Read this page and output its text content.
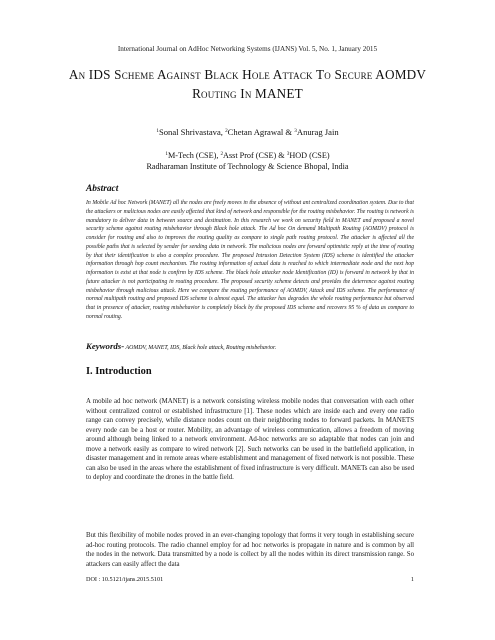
International Journal on AdHoc Networking Systems (IJANS) Vol. 5, No. 1, January 2015
An IDS Scheme Against Black Hole Attack To Secure AOMDV Routing In MANET
$^1$Sonal Shrivastava, $^2$Chetan Agrawal & $^3$Anurag Jain
$^1$M-Tech (CSE), $^2$Asst Prof (CSE) & $^3$HOD (CSE)
Radharaman Institute of Technology & Science Bhopal, India
Abstract
In Mobile Ad hoc Network (MANET) all the nodes are freely moves in the absence of without ant centralized coordination system. Due to that the attackers or malicious nodes are easily affected that kind of network and responsible for the routing misbehavior. The routing is network is mandatory to deliver data in between source and destination. In this research we work on security field in MANET and proposed a novel security scheme against routing misbehavior through Black hole attack. The Ad hoc On demand Multipath Routing (AOMDV) protocol is consider for routing and also to improves the routing quality as compare to single path routing protocol. The attacker is affected all the possible paths that is selected by sender for sending data in network. The malicious nodes are forward optimistic reply at the time of routing by that their identification is also a complex procedure. The proposed Intrusion Detection System (IDS) scheme is identified the attacker information through hop count mechanism. The routing information of actual data is reached to which intermediate node and the next hop information is exist at that node is confirm by IDS scheme. The black hole attacker node Identification (ID) is forward in network by that in future attacker is not participating in routing procedure. The proposed security scheme detects and provides the deterrence against routing misbehavior through malicious attack. Here we compare the routing performance of AOMDV, Attack and IDS scheme. The performance of normal multipath routing and proposed IDS scheme is almost equal. The attacker has degrades the whole routing performance but observed that in presence of attacker, routing misbehavior is completely block by the proposed IDS scheme and recovers 95 % of data as compare to normal routing.
Keywords- AOMDV, MANET, IDS, Black hole attack, Routing misbehavior.
I. Introduction
A mobile ad hoc network (MANET) is a network consisting wireless mobile nodes that conversation with each other without centralized control or established infrastructure [1]. These nodes which are inside each and every one radio range can convey precisely, while distance nodes count on their neighboring nodes to forward packets. In MANETS every node can be a host or router. Mobility, an advantage of wireless communication, allows a freedom of moving around although being linked to a network environment. Ad-hoc networks are so adaptable that nodes can join and move a network easily as compare to wired network [2]. Such networks can be used in the battlefield application, in disaster management and in remote areas where establishment and management of fixed network is not possible. These can also be used in the areas where the establishment of fixed infrastructure is very difficult. MANETs can also be used to deploy and coordinate the drones in the battle field.
But this flexibility of mobile nodes proved in an ever-changing topology that forms it very tough in establishing secure ad-hoc routing protocols. The radio channel employ for ad hoc networks is propagate in nature and is common by all the nodes in the network. Data transmitted by a node is collect by all the nodes within its direct transmission range. So attackers can easily affect the data
DOI : 10.5121/ijans.2015.5101	1
